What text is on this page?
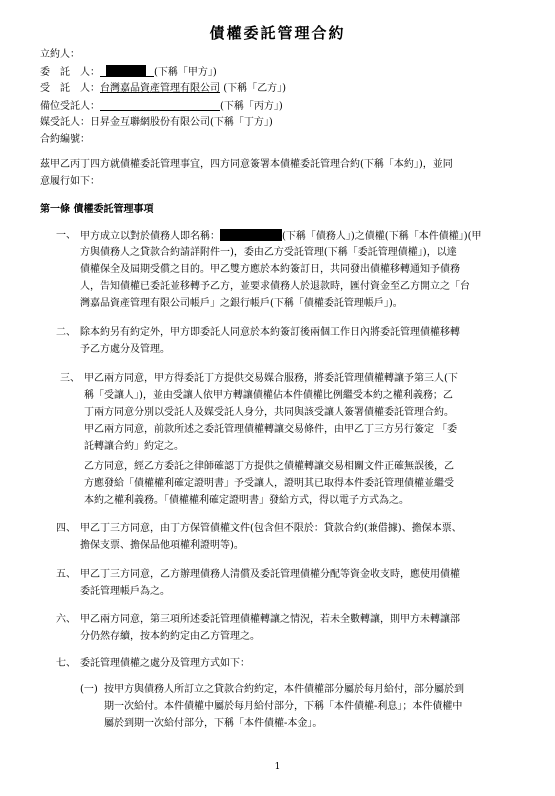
債權委託管理合約
立約人：
委　託　人：	(下稱「甲方」)
受　託　人：台灣嘉品資產管理有限公司 (下稱「乙方」)
備位受託人：	(下稱「丙方」)
媒受託人：日昇金互聯網股份有限公司(下稱「丁方」)
合約編號：
茲甲乙丙丁四方就債權委託管理事宜，四方同意簽署本債權委託管理合約(下稱「本約」)，並同
意履行如下：
第一條 債權委託管理事項
一、 甲方成立以對於債務人即名稱：	(下稱「債務人」)之債權(下稱「本件債權」)(甲
方與債務人之貸款合約請詳附件一)，委由乙方受託管理(下稱「委託管理債權」)，以達
債權保全及屆期受償之目的。甲乙雙方應於本約簽訂日，共同發出債權移轉通知予債務
人，告知債權已委託並移轉予乙方，並要求債務人於退款時，匯付資金至乙方開立之「台
灣嘉品資產管理有限公司帳戶」之銀行帳戶(下稱「債權委託管理帳戶」)。
二、 除本約另有約定外，甲方即委託人同意於本約簽訂後兩個工作日內將委託管理債權移轉
予乙方處分及管理。
三、 甲乙兩方同意，甲方得委託丁方提供交易媒合服務，將委託管理債權轉讓予第三人(下
稱「受讓人」)，並由受讓人依甲方轉讓債權佔本件債權比例繼受本約之權利義務；乙
丁兩方同意分別以受託人及媒受託人身分，共同與該受讓人簽署債權委託管理合約。
甲乙兩方同意，前款所述之委託管理債權轉讓交易條件，由甲乙丁三方另行簽定 「委
託轉讓合約」約定之。
乙方同意，經乙方委託之律師確認丁方提供之債權轉讓交易相關文件正確無誤後，乙
方應發給「債權權利確定證明書」予受讓人，證明其已取得本件委託管理債權並繼受
本約之權利義務。「債權權利確定證明書」發給方式，得以電子方式為之。
四、 甲乙丁三方同意，由丁方保管債權文件(包含但不限於：貸款合約(兼借據)、擔保本票、
擔保支票、擔保品他項權利證明等)。
五、 甲乙丁三方同意，乙方辦理債務人清償及委託管理債權分配等資金收支時，應使用債權
委託管理帳戶為之。
六、 甲乙兩方同意，第三項所述委託管理債權轉讓之情況，若未全數轉讓，則甲方未轉讓部
分仍然存續，按本約約定由乙方管理之。
七、 委託管理債權之處分及管理方式如下：
(一) 按甲方與債務人所訂立之貸款合約約定，本件債權部分屬於每月給付，部分屬於到
期一次給付。本件債權中屬於每月給付部分，下稱「本件債權-利息」；本件債權中
屬於到期一次給付部分，下稱「本件債權-本金」。
1
